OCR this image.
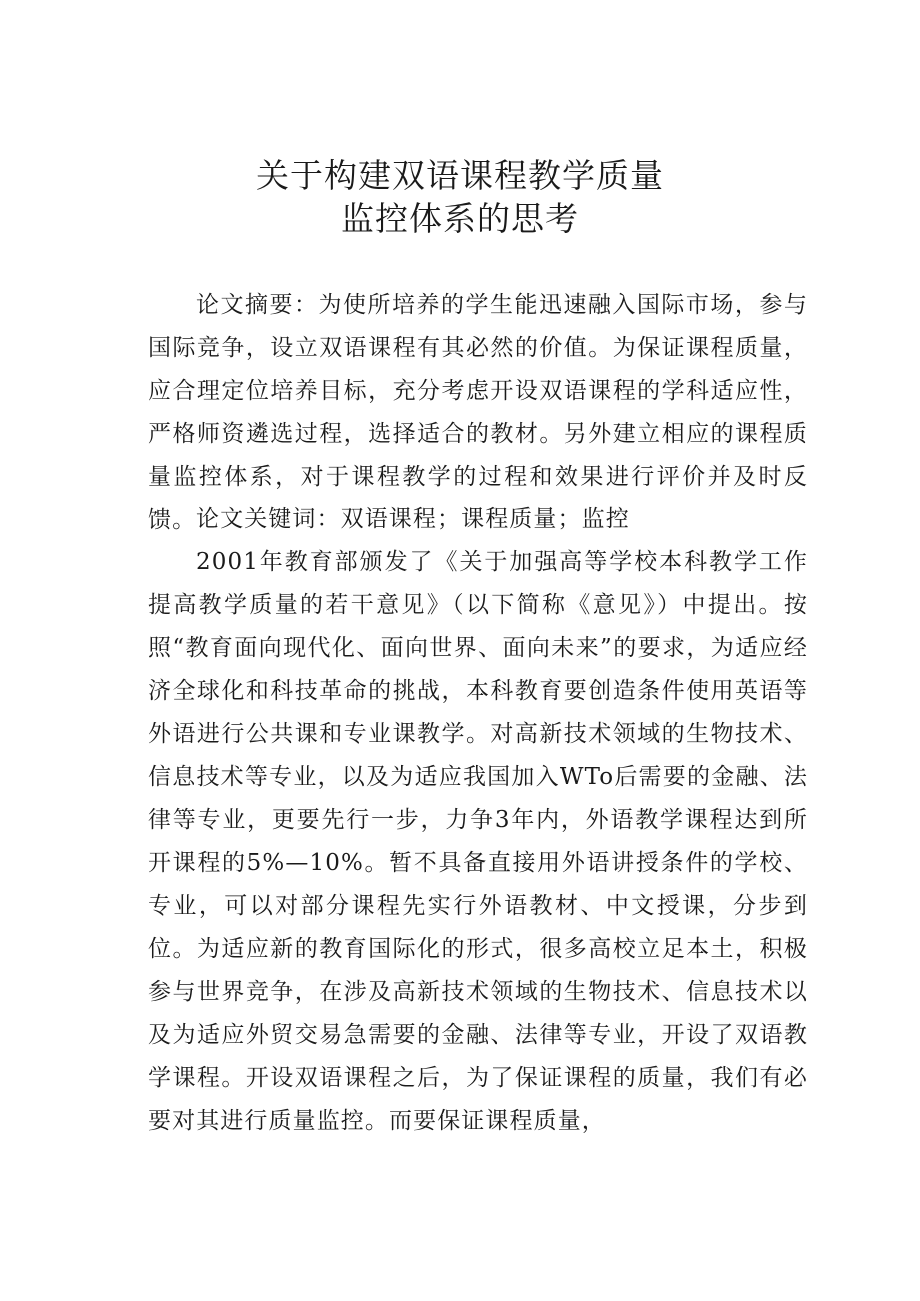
关于构建双语课程教学质量
监控体系的思考

论文摘要：为使所培养的学生能迅速融入国际市场，参与国际竞争，设立双语课程有其必然的价值。为保证课程质量，应合理定位培养目标，充分考虑开设双语课程的学科适应性，严格师资遴选过程，选择适合的教材。另外建立相应的课程质量监控体系，对于课程教学的过程和效果进行评价并及时反馈。 论文关键词：双语课程；课程质量；监控

2001年教育部颁发了《关于加强高等学校本科教学工作提高教学质量的若干意见》（以下简称《意见》）中提出。按照“教育面向现代化、面向世界、面向未来”的要求，为适应经济全球化和科技革命的挑战，本科教育要创造条件使用英语等外语进行公共课和专业课教学。对高新技术领域的生物技术、信息技术等专业，以及为适应我国加入WTo后需要的金融、法律等专业，更要先行一步，力争3年内，外语教学课程达到所开课程的5%—10%。暂不具备直接用外语讲授条件的学校、专业，可以对部分课程先实行外语教材、中文授课，分步到位。为适应新的教育国际化的形式，很多高校立足本土，积极参与世界竞争，在涉及高新技术领域的生物技术、信息技术以及为适应外贸交易急需要的金融、法律等专业，开设了双语教学课程。开设双语课程之后，为了保证课程的质量，我们有必要对其进行质量监控。而要保证课程质量，
